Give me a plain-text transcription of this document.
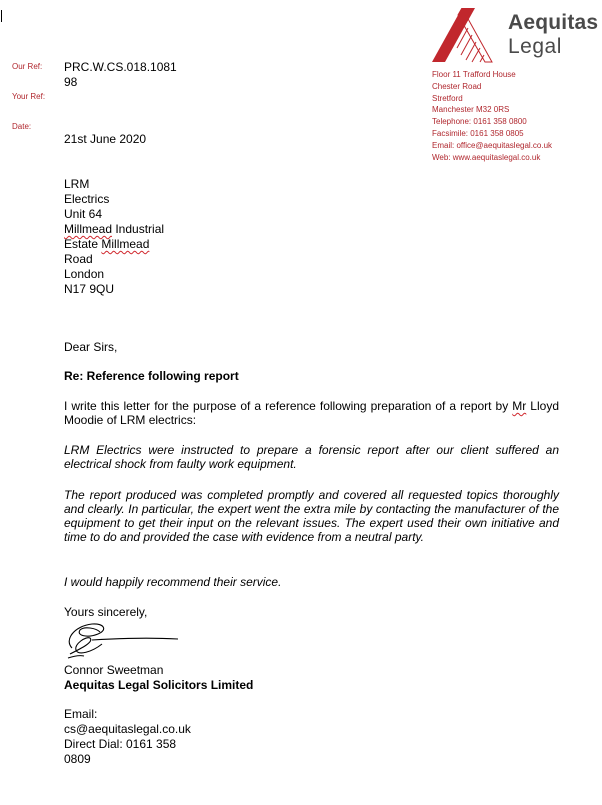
Aequitas
Legal
Floor 11 Trafford House
Chester Road
Stretford
Manchester M32 0RS
Telephone: 0161 358 0800
Facsimile: 0161 358 0805
Email: office@aequitaslegal.co.uk
Web: www.aequitaslegal.co.uk
Our Ref:
Your Ref:
Date:
PRC.W.CS.018.1081
98
21st June 2020
LRM
Electrics
Unit 64
Millmead Industrial
Estate Millmead
Road
London
N17 9QU
Dear Sirs,
Re: Reference following report
I write this letter for the purpose of a reference following preparation of a report by Mr Lloyd Moodie of LRM electrics:
LRM Electrics were instructed to prepare a forensic report after our client suffered an electrical shock from faulty work equipment.
The report produced was completed promptly and covered all requested topics thoroughly and clearly. In particular, the expert went the extra mile by contacting the manufacturer of the equipment to get their input on the relevant issues. The expert used their own initiative and time to do and provided the case with evidence from a neutral party.
I would happily recommend their service.
Yours sincerely,
Connor Sweetman
Aequitas Legal Solicitors Limited
Email:
cs@aequitaslegal.co.uk
Direct Dial: 0161 358
0809
